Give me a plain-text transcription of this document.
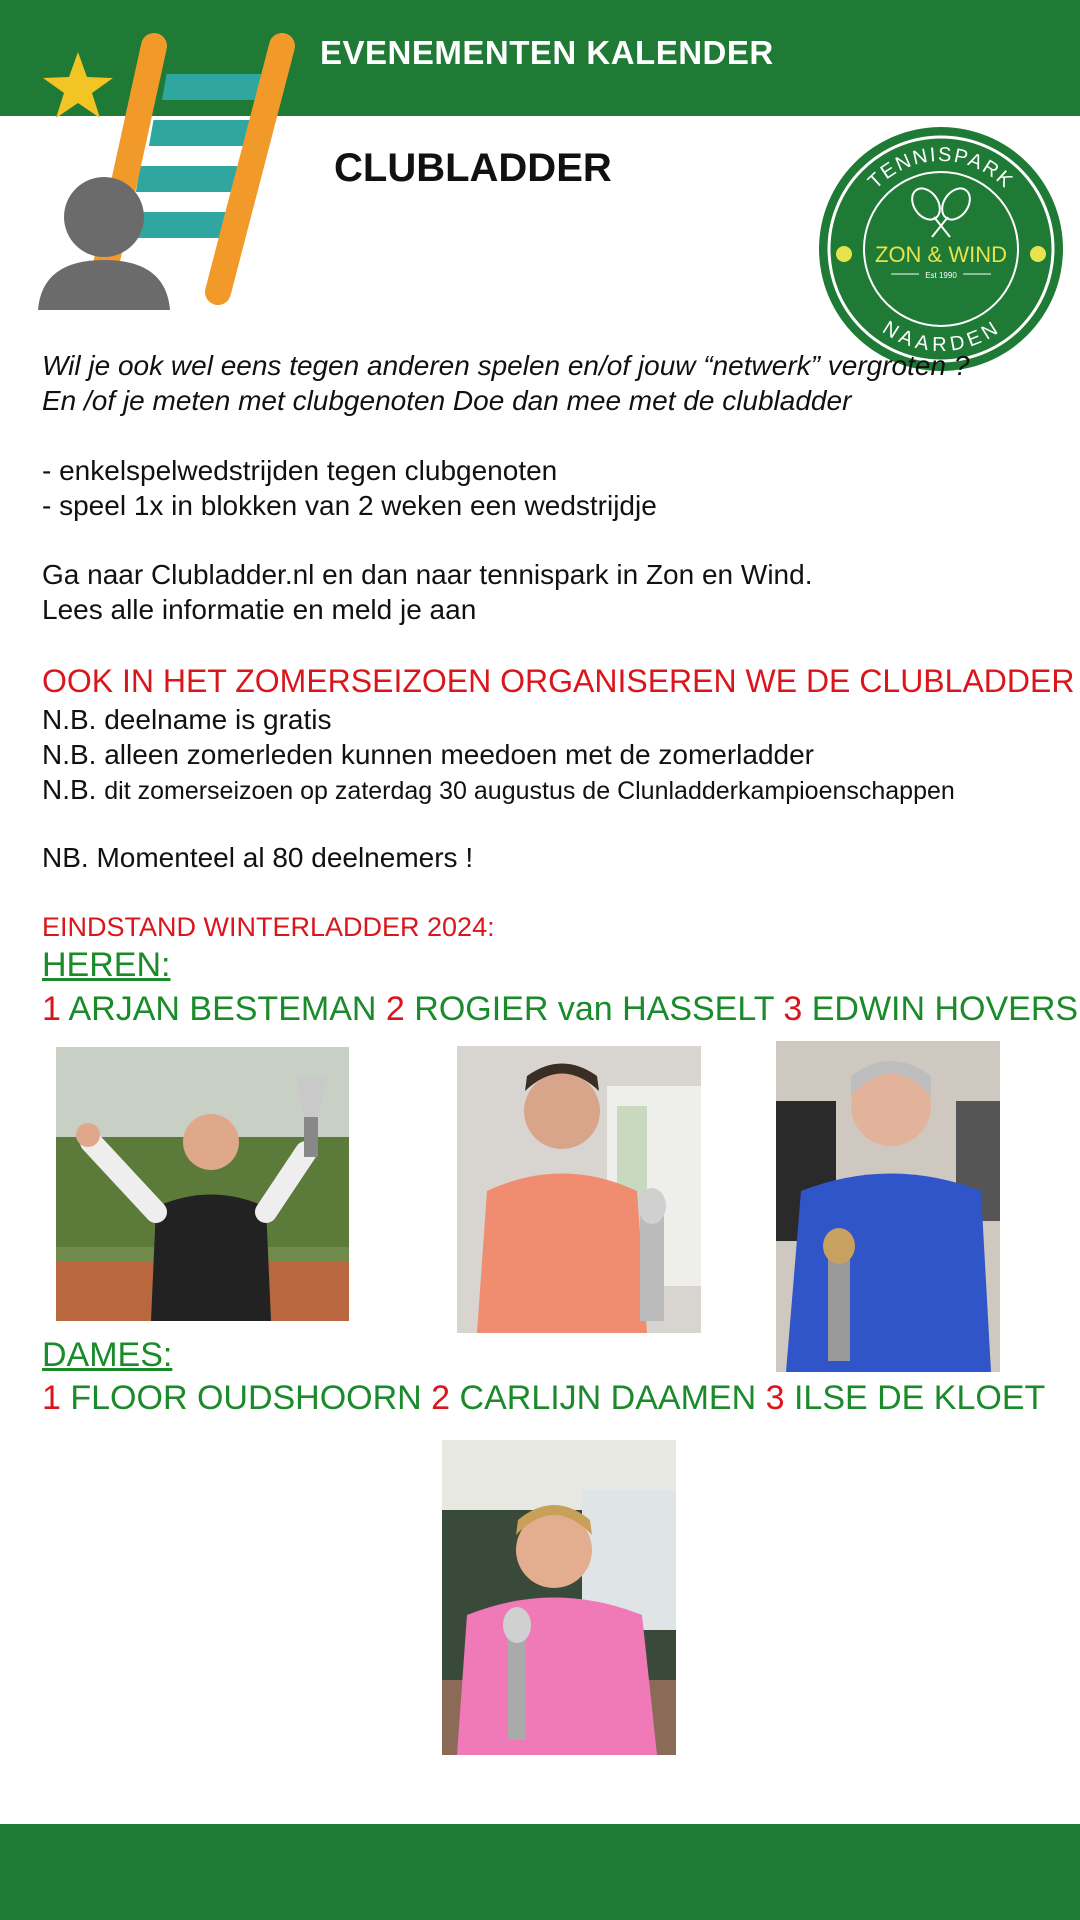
EVENEMENTEN KALENDER
CLUBLADDER	TENNISPARK
NAARDEN
ZON & WIND
Est 1990
Wil je ook wel eens tegen anderen spelen en/of jouw “netwerk” vergroten ?
En /of je meten met clubgenoten Doe dan mee met de clubladder
- enkelspelwedstrijden tegen clubgenoten
- speel 1x in blokken van 2 weken een wedstrijdje
Ga naar Clubladder.nl en dan naar tennispark in Zon en Wind.
Lees alle informatie en meld je aan
OOK IN HET ZOMERSEIZOEN ORGANISEREN WE DE CLUBLADDER
N.B. deelname is gratis
N.B. alleen zomerleden kunnen meedoen met de zomerladder
N.B. dit zomerseizoen op zaterdag 30 augustus de Clunladderkampioenschappen
NB. Momenteel al 80 deelnemers !
EINDSTAND WINTERLADDER 2024:
HEREN:
1 ARJAN BESTEMAN 2 ROGIER van HASSELT 3 EDWIN HOVERS
DAMES:
1 FLOOR OUDSHOORN 2 CARLIJN DAAMEN 3 ILSE DE KLOET
